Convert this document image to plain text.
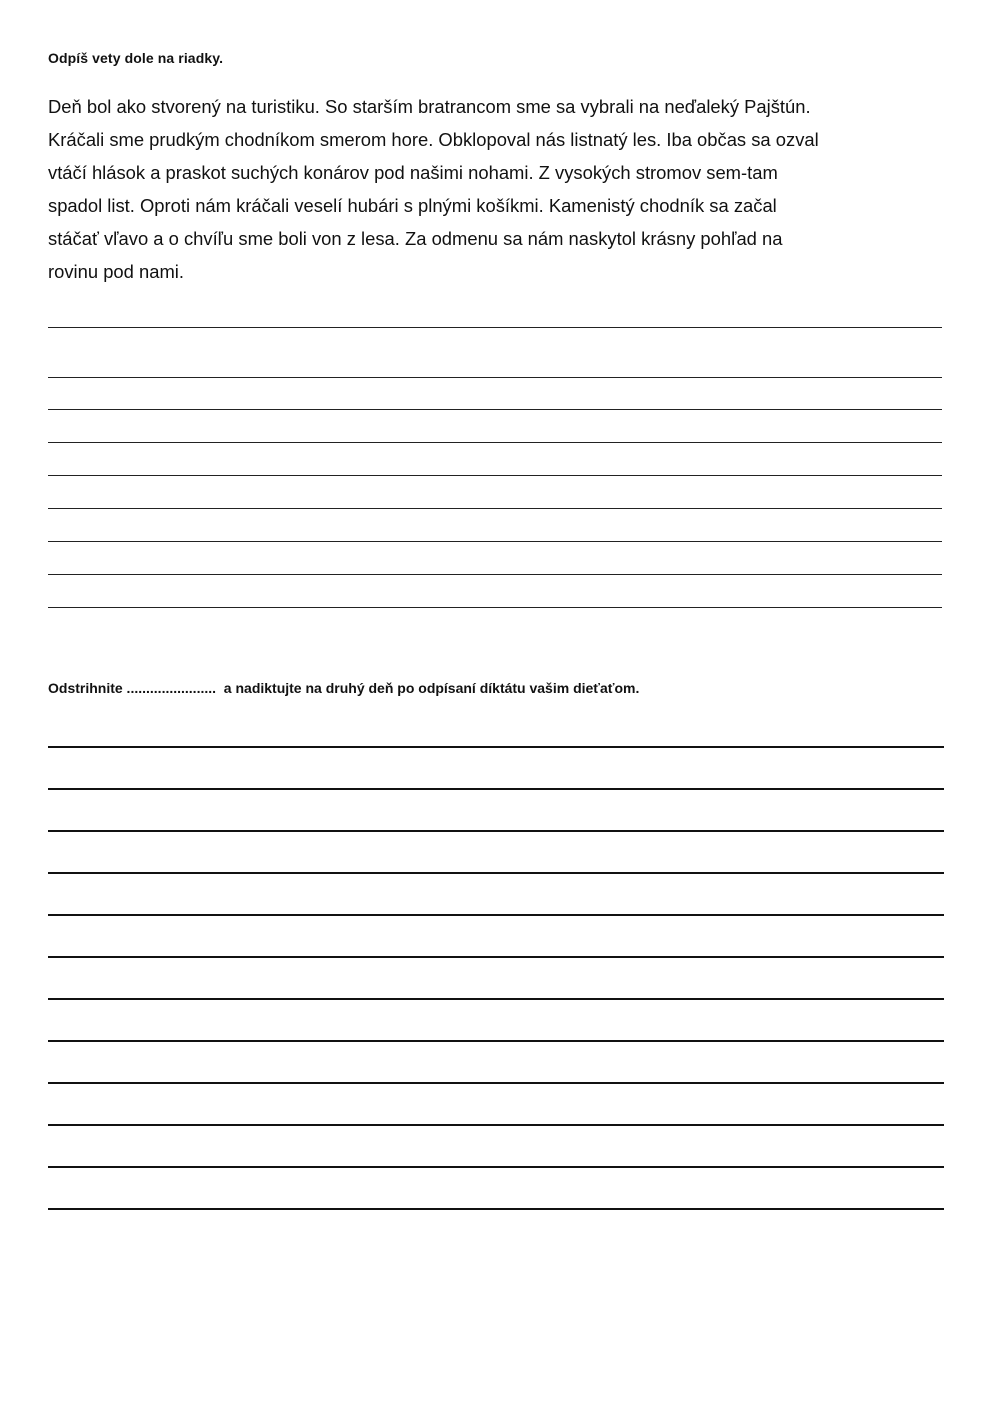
Odpíš vety dole na riadky.
Deň bol ako stvorený na turistiku. So starším bratrancom sme sa vybrali na neďaleký Pajštún.
Kráčali sme prudkým chodníkom smerom hore. Obklopoval nás listnatý les. Iba občas sa ozval
vtáčí hlások a praskot suchých konárov pod našimi nohami. Z vysokých stromov sem-tam
spadol list. Oproti nám kráčali veselí hubári s plnými košíkmi. Kamenistý chodník sa začal
stáčať vľavo a o chvíľu sme boli von z lesa. Za odmenu sa nám naskytol krásny pohľad na
rovinu pod nami.
Odstrihnite .......................  a nadiktujte na druhý deň po odpísaní díktátu vašim dieťaťom.
